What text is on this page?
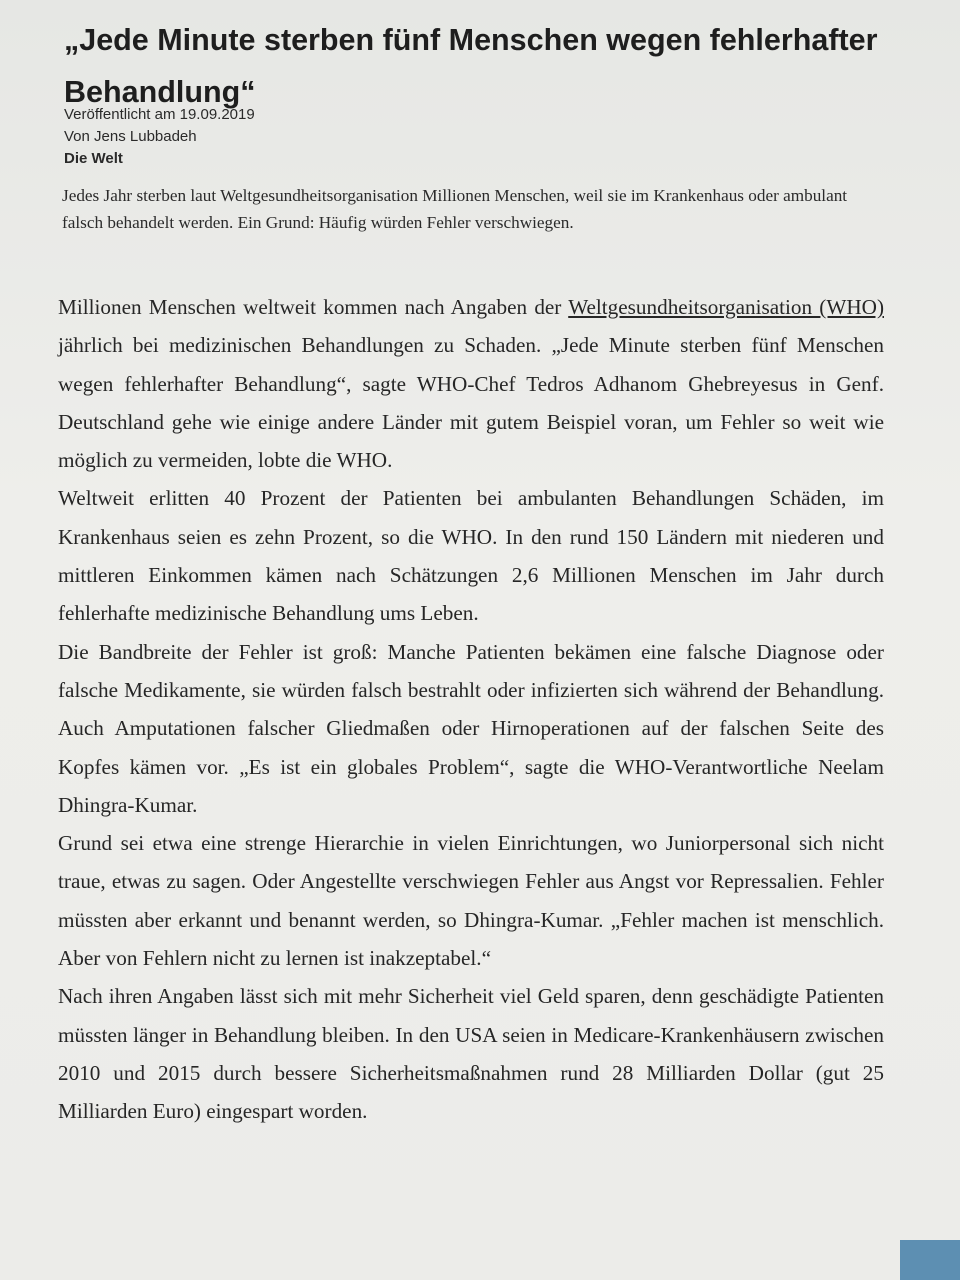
„Jede Minute sterben fünf Menschen wegen fehlerhafter Behandlung“
Veröffentlicht am 19.09.2019
Von Jens Lubbadeh
Die Welt

Jedes Jahr sterben laut Weltgesundheitsorganisation Millionen Menschen, weil sie im Krankenhaus oder ambulant falsch behandelt werden. Ein Grund: Häufig würden Fehler verschwiegen.

Millionen Menschen weltweit kommen nach Angaben der Weltgesundheitsorganisation (WHO) jährlich bei medizinischen Behandlungen zu Schaden. „Jede Minute sterben fünf Menschen wegen fehlerhafter Behandlung“, sagte WHO-Chef Tedros Adhanom Ghebreyesus in Genf. Deutschland gehe wie einige andere Länder mit gutem Beispiel voran, um Fehler so weit wie möglich zu vermeiden, lobte die WHO.

Weltweit erlitten 40 Prozent der Patienten bei ambulanten Behandlungen Schäden, im Krankenhaus seien es zehn Prozent, so die WHO. In den rund 150 Ländern mit niederen und mittleren Einkommen kämen nach Schätzungen 2,6 Millionen Menschen im Jahr durch fehlerhafte medizinische Behandlung ums Leben.

Die Bandbreite der Fehler ist groß: Manche Patienten bekämen eine falsche Diagnose oder falsche Medikamente, sie würden falsch bestrahlt oder infizierten sich während der Behandlung. Auch Amputationen falscher Gliedmaßen oder Hirnoperationen auf der falschen Seite des Kopfes kämen vor. „Es ist ein globales Problem“, sagte die WHO-Verantwortliche Neelam Dhingra-Kumar.

Grund sei etwa eine strenge Hierarchie in vielen Einrichtungen, wo Juniorpersonal sich nicht traue, etwas zu sagen. Oder Angestellte verschwiegen Fehler aus Angst vor Repressalien. Fehler müssten aber erkannt und benannt werden, so Dhingra-Kumar. „Fehler machen ist menschlich. Aber von Fehlern nicht zu lernen ist inakzeptabel.“

Nach ihren Angaben lässt sich mit mehr Sicherheit viel Geld sparen, denn geschädigte Patienten müssten länger in Behandlung bleiben. In den USA seien in Medicare-Krankenhäusern zwischen 2010 und 2015 durch bessere Sicherheitsmaßnahmen rund 28 Milliarden Dollar (gut 25 Milliarden Euro) eingespart worden.
